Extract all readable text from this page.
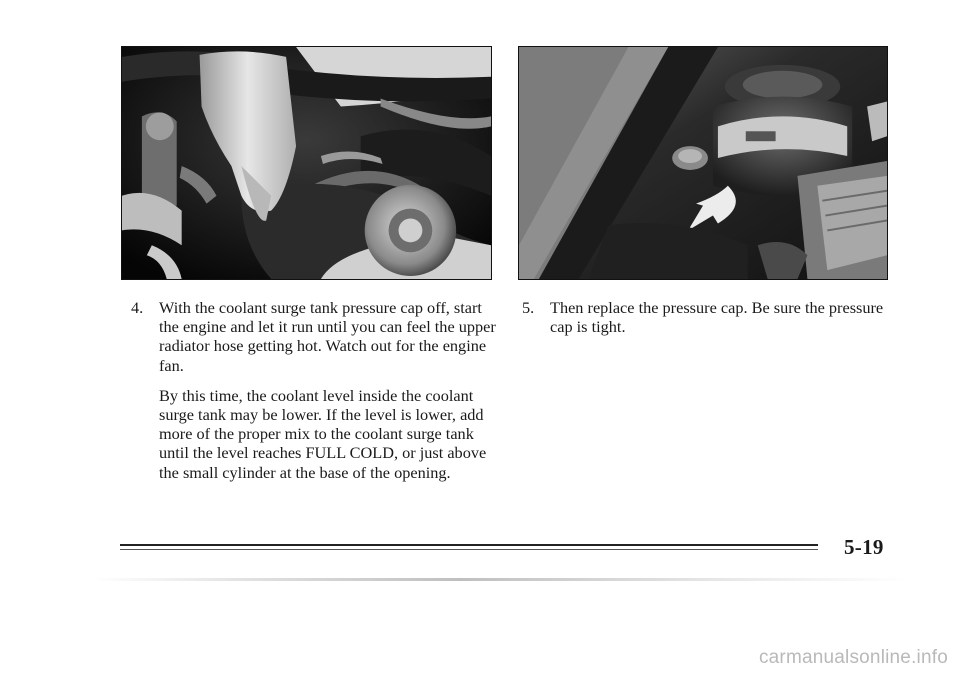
4. With the coolant surge tank pressure cap off, start the engine and let it run until you can feel the upper radiator hose getting hot. Watch out for the engine fan.

By this time, the coolant level inside the coolant surge tank may be lower. If the level is lower, add more of the proper mix to the coolant surge tank until the level reaches FULL COLD, or just above the small cylinder at the base of the opening.

5. Then replace the pressure cap. Be sure the pressure cap is tight.

5-19
carmanualsonline.info
